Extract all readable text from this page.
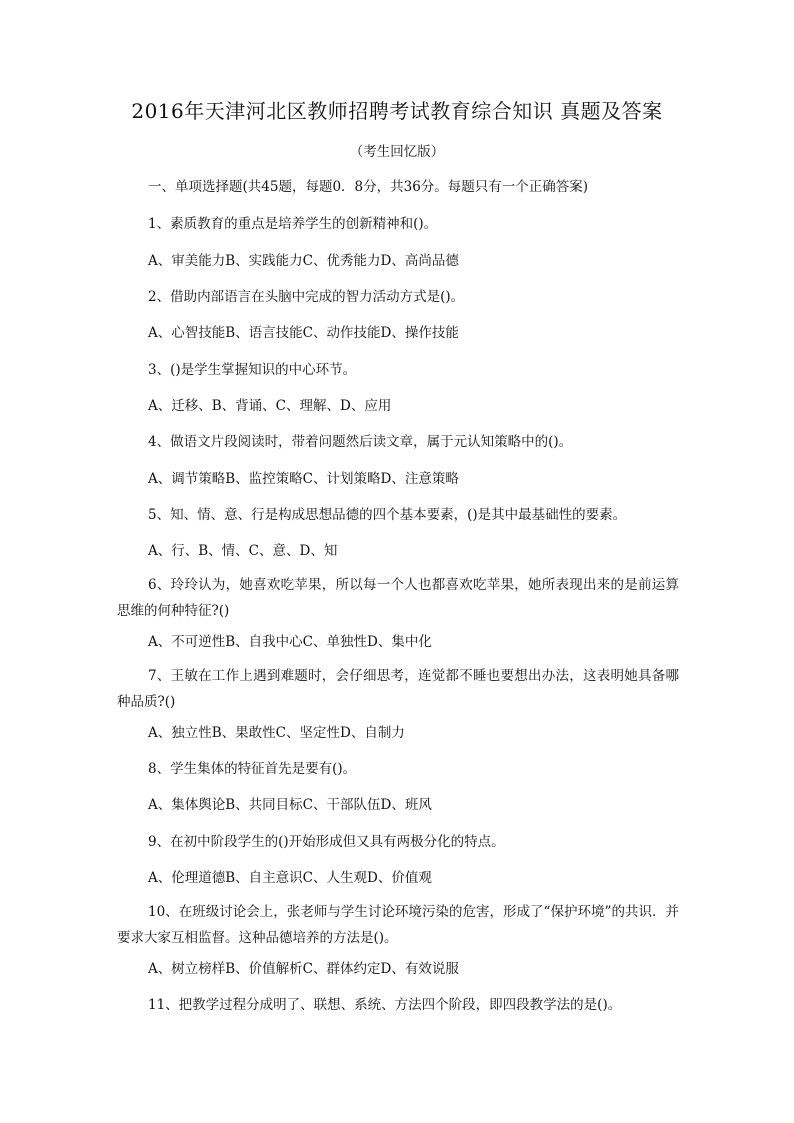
2016年天津河北区教师招聘考试教育综合知识 真题及答案
（考生回忆版）
一、单项选择题(共45题，每题0．8分，共36分。每题只有一个正确答案)
1、素质教育的重点是培养学生的创新精神和()。
A、审美能力B、实践能力C、优秀能力D、高尚品德
2、借助内部语言在头脑中完成的智力活动方式是()。
A、心智技能B、语言技能C、动作技能D、操作技能
3、()是学生掌握知识的中心环节。
A、迁移、B、背诵、C、理解、D、应用
4、做语文片段阅读时，带着问题然后读文章，属于元认知策略中的()。
A、调节策略B、监控策略C、计划策略D、注意策略
5、知、情、意、行是构成思想品德的四个基本要素，()是其中最基础性的要素。
A、行、B、情、C、意、D、知
6、玲玲认为，她喜欢吃苹果，所以每一个人也都喜欢吃苹果，她所表现出来的是前运算思维的何种特征?()
A、不可逆性B、自我中心C、单独性D、集中化
7、王敏在工作上遇到难题时，会仔细思考，连觉都不睡也要想出办法，这表明她具备哪种品质?()
A、独立性B、果敢性C、坚定性D、自制力
8、学生集体的特征首先是要有()。
A、集体舆论B、共同目标C、干部队伍D、班风
9、在初中阶段学生的()开始形成但又具有两极分化的特点。
A、伦理道德B、自主意识C、人生观D、价值观
10、在班级讨论会上，张老师与学生讨论环境污染的危害，形成了“保护环境”的共识．并要求大家互相监督。这种品德培养的方法是()。
A、树立榜样B、价值解析C、群体约定D、有效说服
11、把教学过程分成明了、联想、系统、方法四个阶段，即四段教学法的是()。
